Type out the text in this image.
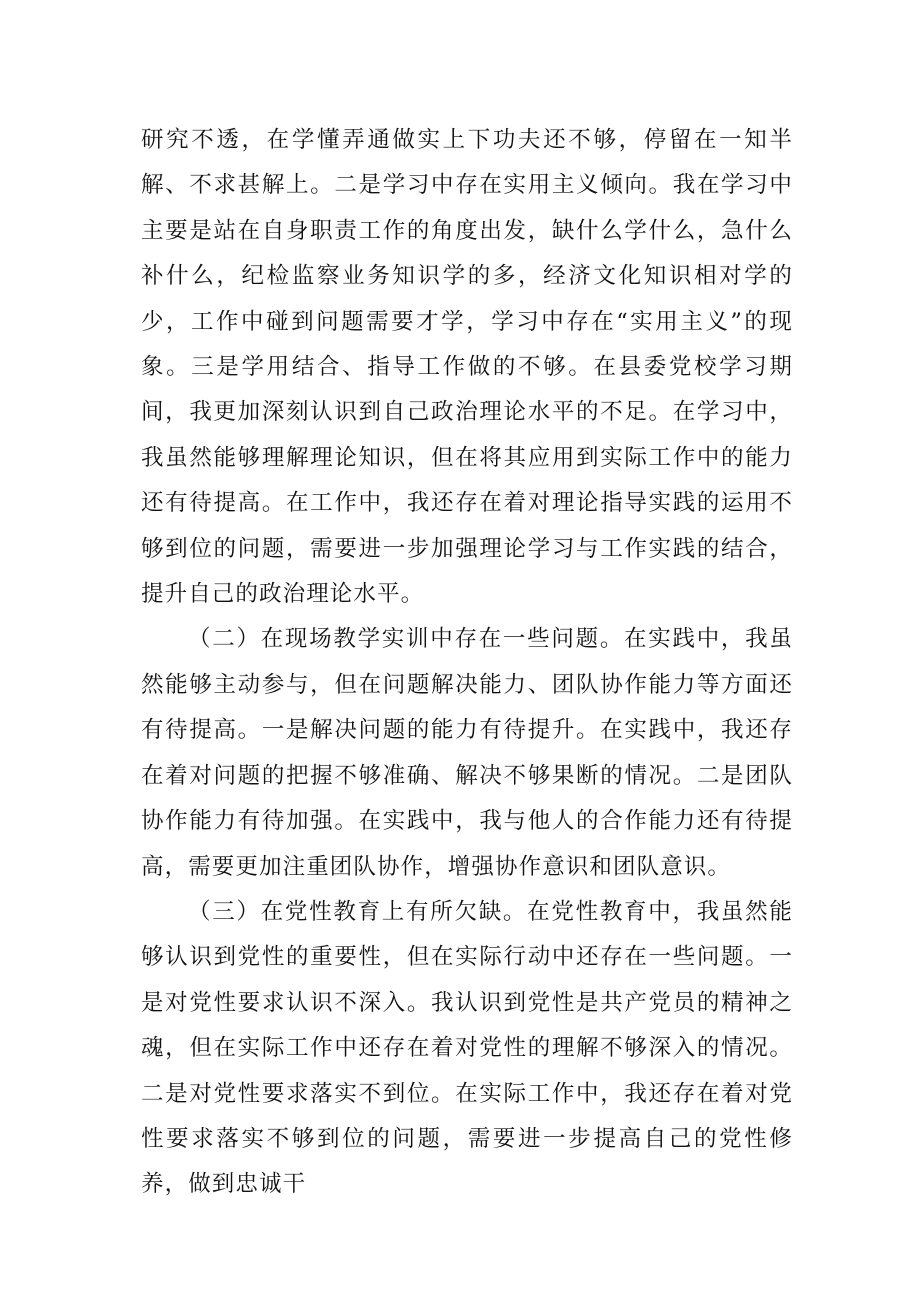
研究不透，在学懂弄通做实上下功夫还不够，停留在一知半解、不求甚解上。二是学习中存在实用主义倾向。我在学习中主要是站在自身职责工作的角度出发，缺什么学什么，急什么补什么，纪检监察业务知识学的多，经济文化知识相对学的少，工作中碰到问题需要才学，学习中存在“实用主义”的现象。三是学用结合、指导工作做的不够。在县委党校学习期间，我更加深刻认识到自己政治理论水平的不足。在学习中，我虽然能够理解理论知识，但在将其应用到实际工作中的能力还有待提高。在工作中，我还存在着对理论指导实践的运用不够到位的问题，需要进一步加强理论学习与工作实践的结合，提升自己的政治理论水平。

（二）在现场教学实训中存在一些问题。在实践中，我虽然能够主动参与，但在问题解决能力、团队协作能力等方面还有待提高。一是解决问题的能力有待提升。在实践中，我还存在着对问题的把握不够准确、解决不够果断的情况。二是团队协作能力有待加强。在实践中，我与他人的合作能力还有待提高，需要更加注重团队协作，增强协作意识和团队意识。

（三）在党性教育上有所欠缺。在党性教育中，我虽然能够认识到党性的重要性，但在实际行动中还存在一些问题。一是对党性要求认识不深入。我认识到党性是共产党员的精神之魂，但在实际工作中还存在着对党性的理解不够深入的情况。二是对党性要求落实不到位。在实际工作中，我还存在着对党性要求落实不够到位的问题，需要进一步提高自己的党性修养，做到忠诚干
